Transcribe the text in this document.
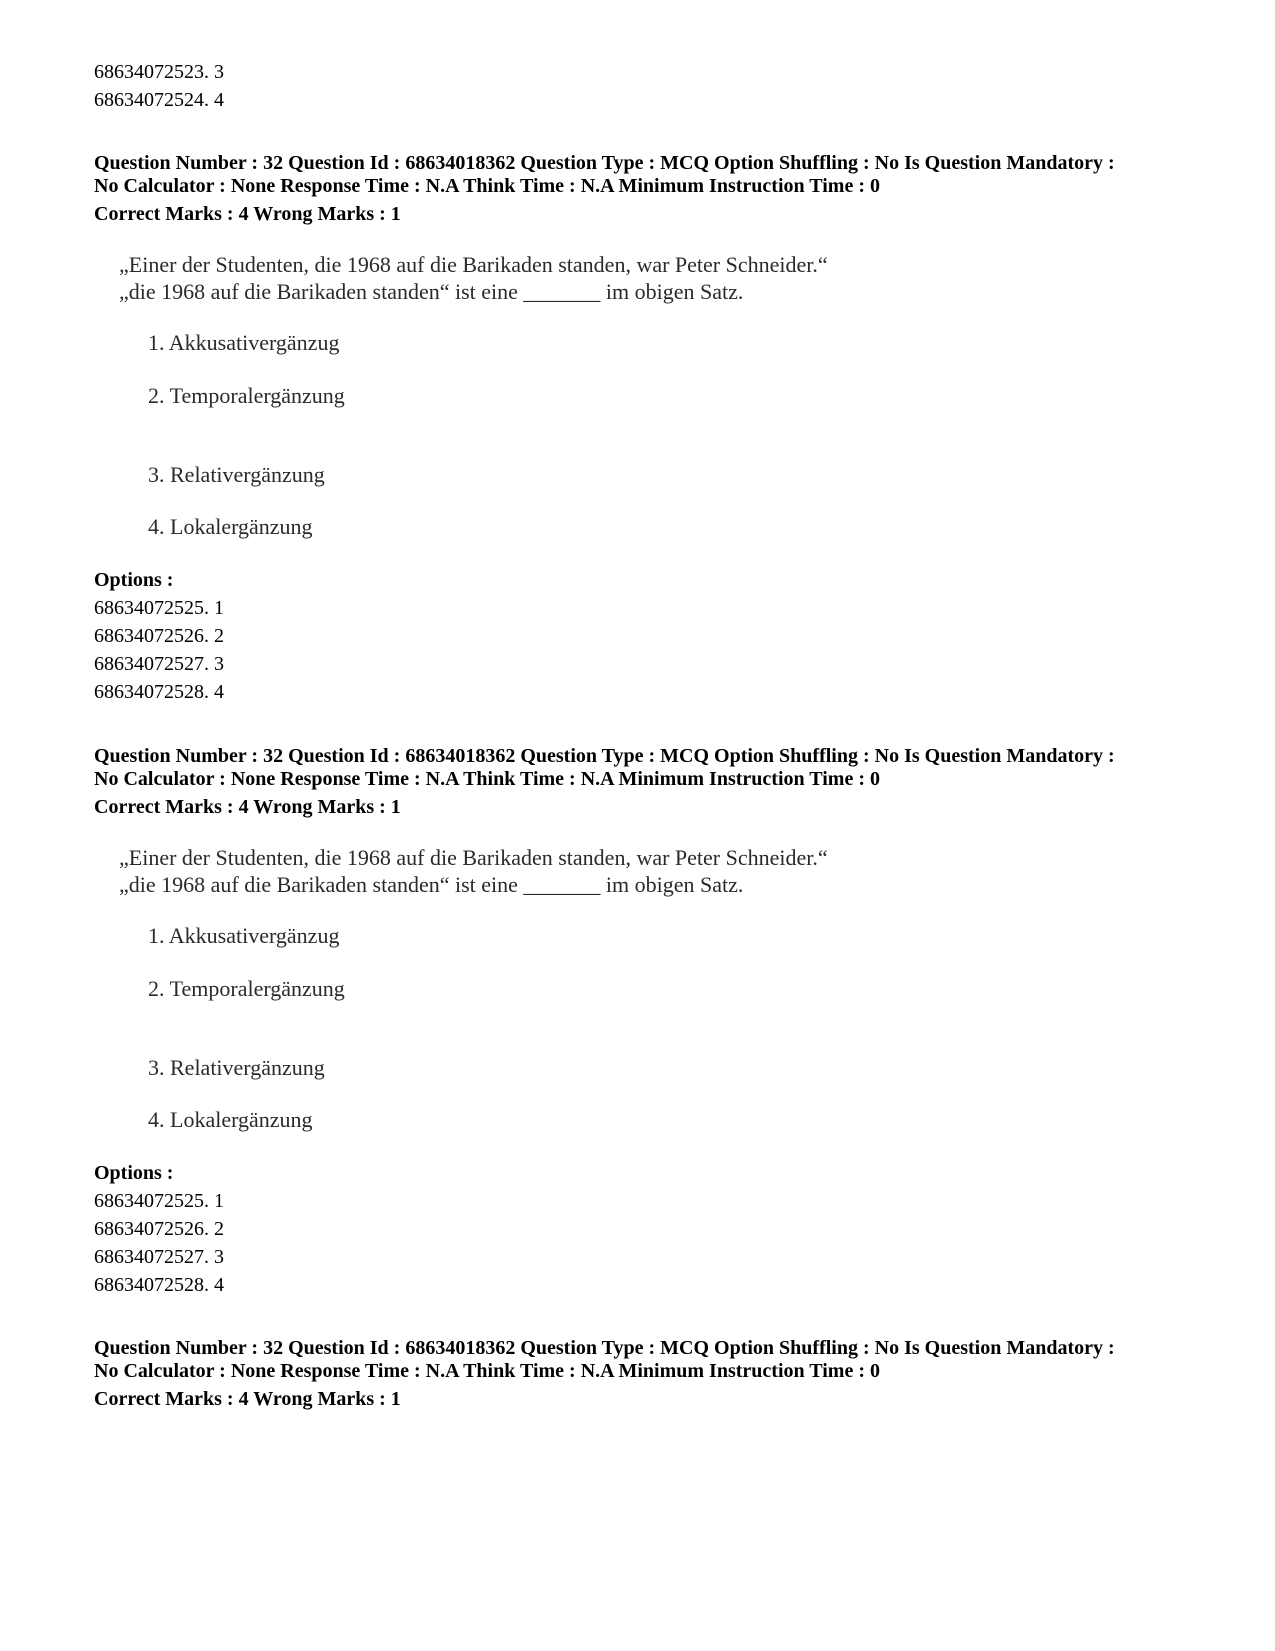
68634072523. 3
68634072524. 4
Question Number : 32 Question Id : 68634018362 Question Type : MCQ Option Shuffling : No Is Question Mandatory :
No Calculator : None Response Time : N.A Think Time : N.A Minimum Instruction Time : 0
Correct Marks : 4 Wrong Marks : 1
„Einer der Studenten, die 1968 auf die Barikaden standen, war Peter Schneider.“
„die 1968 auf die Barikaden standen“ ist eine _______ im obigen Satz.
1. Akkusativergänzug
2. Temporalergänzung
3. Relativergänzung
4. Lokalergänzung
Options :
68634072525. 1
68634072526. 2
68634072527. 3
68634072528. 4
Question Number : 32 Question Id : 68634018362 Question Type : MCQ Option Shuffling : No Is Question Mandatory :
No Calculator : None Response Time : N.A Think Time : N.A Minimum Instruction Time : 0
Correct Marks : 4 Wrong Marks : 1
„Einer der Studenten, die 1968 auf die Barikaden standen, war Peter Schneider.“
„die 1968 auf die Barikaden standen“ ist eine _______ im obigen Satz.
1. Akkusativergänzug
2. Temporalergänzung
3. Relativergänzung
4. Lokalergänzung
Options :
68634072525. 1
68634072526. 2
68634072527. 3
68634072528. 4
Question Number : 32 Question Id : 68634018362 Question Type : MCQ Option Shuffling : No Is Question Mandatory :
No Calculator : None Response Time : N.A Think Time : N.A Minimum Instruction Time : 0
Correct Marks : 4 Wrong Marks : 1
